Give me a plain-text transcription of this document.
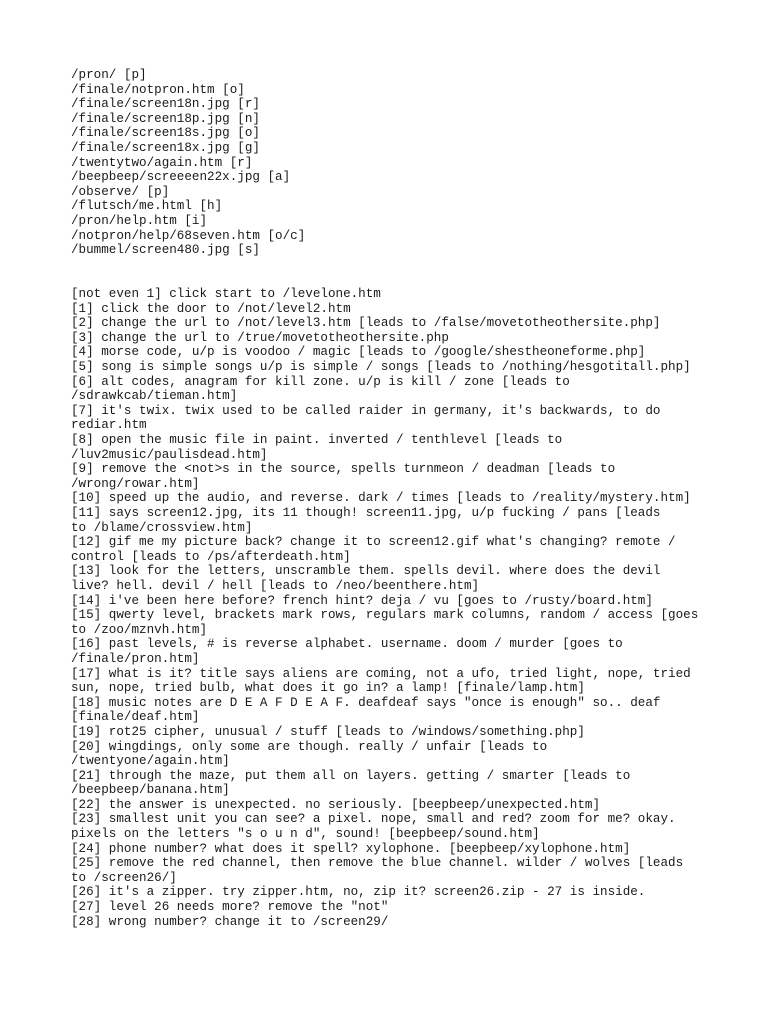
/pron/ [p]
/finale/notpron.htm [o]
/finale/screen18n.jpg [r]
/finale/screen18p.jpg [n]
/finale/screen18s.jpg [o]
/finale/screen18x.jpg [g]
/twentytwo/again.htm [r]
/beepbeep/screeeen22x.jpg [a]
/observe/ [p]
/flutsch/me.html [h]
/pron/help.htm [i]
/notpron/help/68seven.htm [o/c]
/bummel/screen480.jpg [s]
[not even 1] click start to /levelone.htm
[1] click the door to /not/level2.htm
[2] change the url to /not/level3.htm [leads to /false/movetotheothersite.php]
[3] change the url to /true/movetotheothersite.php
[4] morse code, u/p is voodoo / magic [leads to /google/shestheoneforme.php]
[5] song is simple songs u/p is simple / songs [leads to /nothing/hesgotitall.php]
[6] alt codes, anagram for kill zone. u/p is kill / zone [leads to
/sdrawkcab/tieman.htm]
[7] it's twix. twix used to be called raider in germany, it's backwards, to do
rediar.htm
[8] open the music file in paint. inverted / tenthlevel [leads to
/luv2music/paulisdead.htm]
[9] remove the <not>s in the source, spells turnmeon / deadman [leads to
/wrong/rowar.htm]
[10] speed up the audio, and reverse. dark / times [leads to /reality/mystery.htm]
[11] says screen12.jpg, its 11 though! screen11.jpg, u/p fucking / pans [leads
to /blame/crossview.htm]
[12] gif me my picture back? change it to screen12.gif what's changing? remote /
control [leads to /ps/afterdeath.htm]
[13] look for the letters, unscramble them. spells devil. where does the devil
live? hell. devil / hell [leads to /neo/beenthere.htm]
[14] i've been here before? french hint? deja / vu [goes to /rusty/board.htm]
[15] qwerty level, brackets mark rows, regulars mark columns, random / access [goes
to /zoo/mznvh.htm]
[16] past levels, # is reverse alphabet. username. doom / murder [goes to
/finale/pron.htm]
[17] what is it? title says aliens are coming, not a ufo, tried light, nope, tried
sun, nope, tried bulb, what does it go in? a lamp! [finale/lamp.htm]
[18] music notes are D E A F D E A F. deafdeaf says "once is enough" so.. deaf
[finale/deaf.htm]
[19] rot25 cipher, unusual / stuff [leads to /windows/something.php]
[20] wingdings, only some are though. really / unfair [leads to
/twentyone/again.htm]
[21] through the maze, put them all on layers. getting / smarter [leads to
/beepbeep/banana.htm]
[22] the answer is unexpected. no seriously. [beepbeep/unexpected.htm]
[23] smallest unit you can see? a pixel. nope, small and red? zoom for me? okay.
pixels on the letters "s o u n d", sound! [beepbeep/sound.htm]
[24] phone number? what does it spell? xylophone. [beepbeep/xylophone.htm]
[25] remove the red channel, then remove the blue channel. wilder / wolves [leads
to /screen26/]
[26] it's a zipper. try zipper.htm, no, zip it? screen26.zip - 27 is inside.
[27] level 26 needs more? remove the "not"
[28] wrong number? change it to /screen29/
